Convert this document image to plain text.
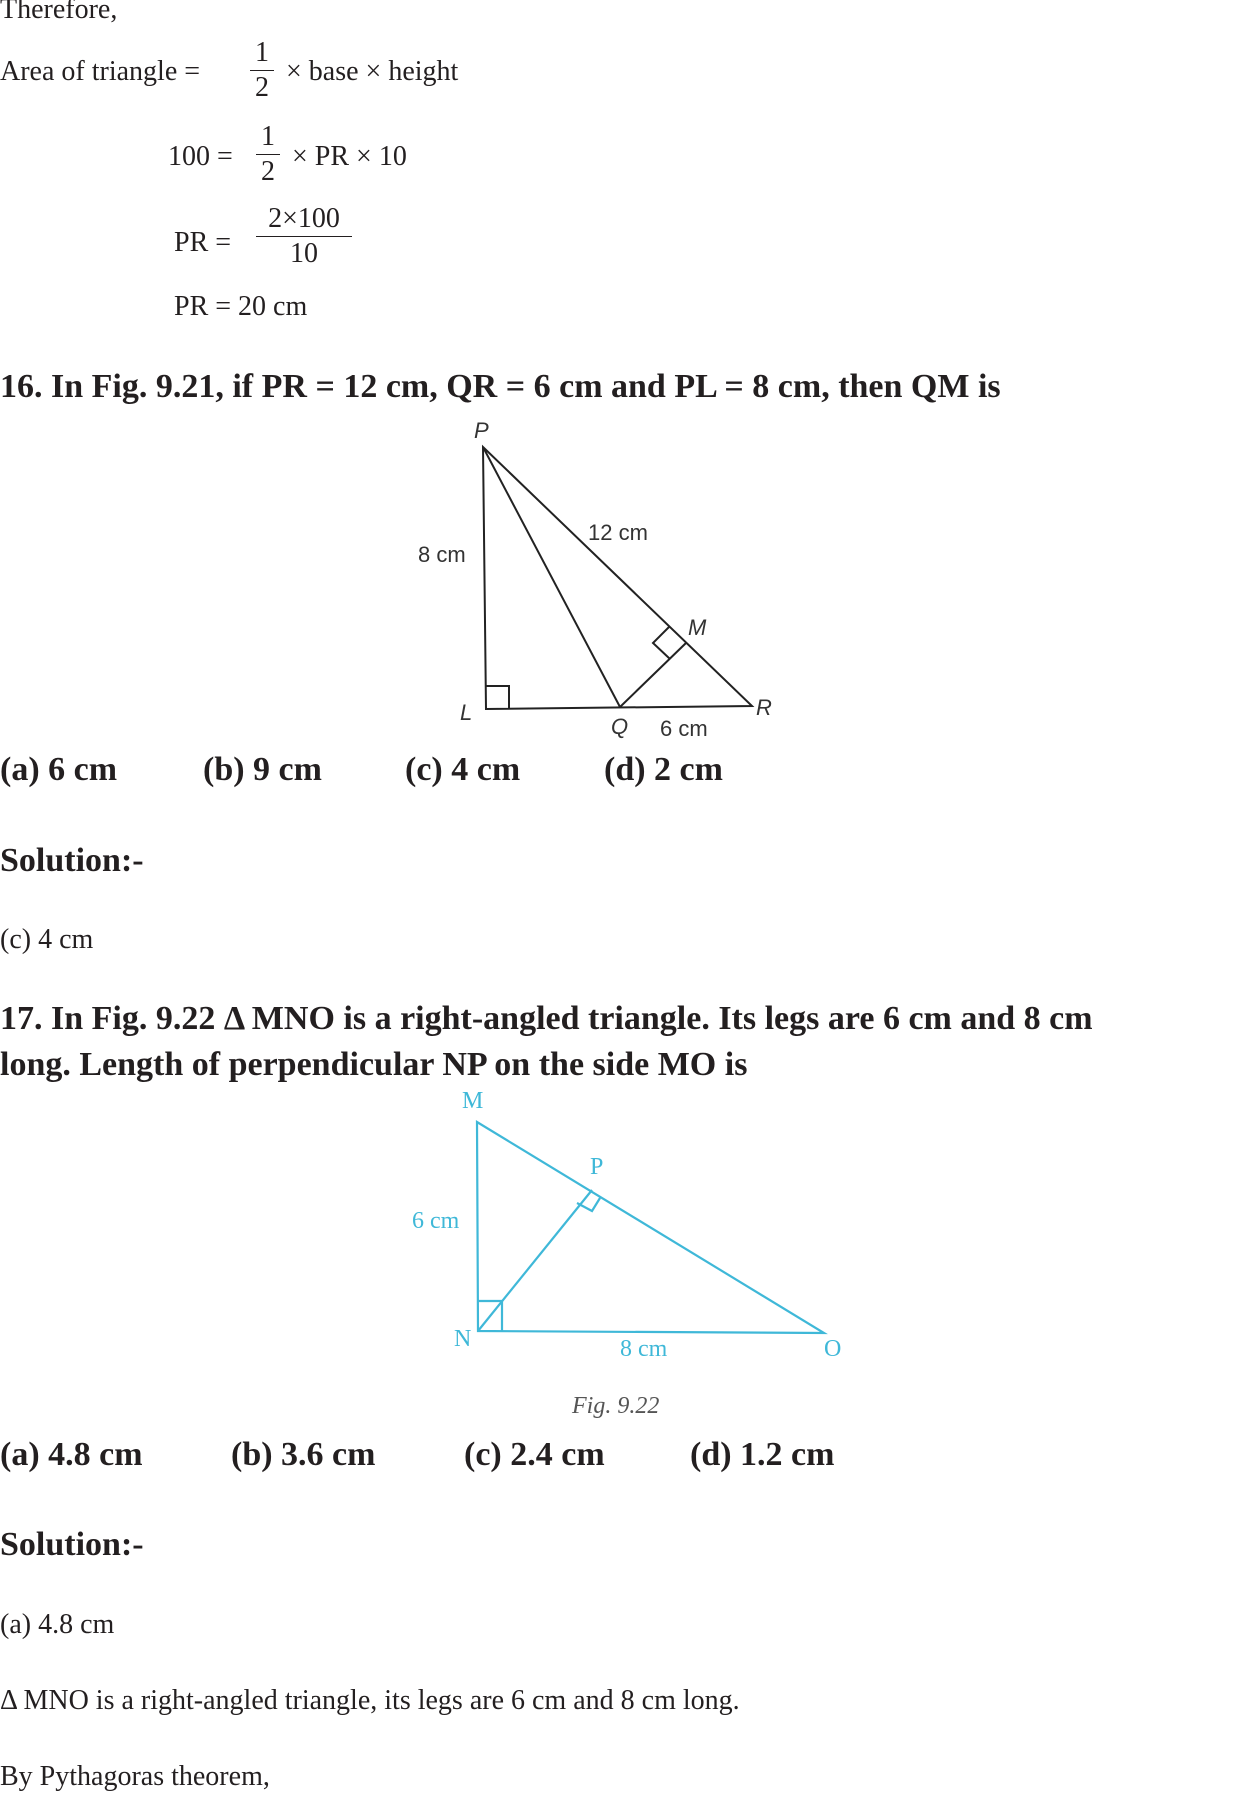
Therefore,
Area of triangle =
1
2
× base × height
100 =
1
2 × PR × 10
PR =
2×100
10
PR = 20 cm
16. In Fig. 9.21, if PR = 12 cm, QR = 6 cm and PL = 8 cm, then QM is
P
L
Q
R
M
8 cm
12 cm
6 cm
(a) 6 cm	(b) 9 cm (c) 4 cm (d) 2 cm
Solution:-
(c) 4 cm
17. In Fig. 9.22 Δ MNO is a right-angled triangle. Its legs are 6 cm and 8 cm
long. Length of perpendicular NP on the side MO is
M
P
6 cm
N	8 cm	O
Fig. 9.22
(a) 4.8 cm	(b) 3.6 cm	(c) 2.4 cm	(d) 1.2 cm
Solution:-
(a) 4.8 cm
Δ MNO is a right-angled triangle, its legs are 6 cm and 8 cm long.
By Pythagoras theorem,
